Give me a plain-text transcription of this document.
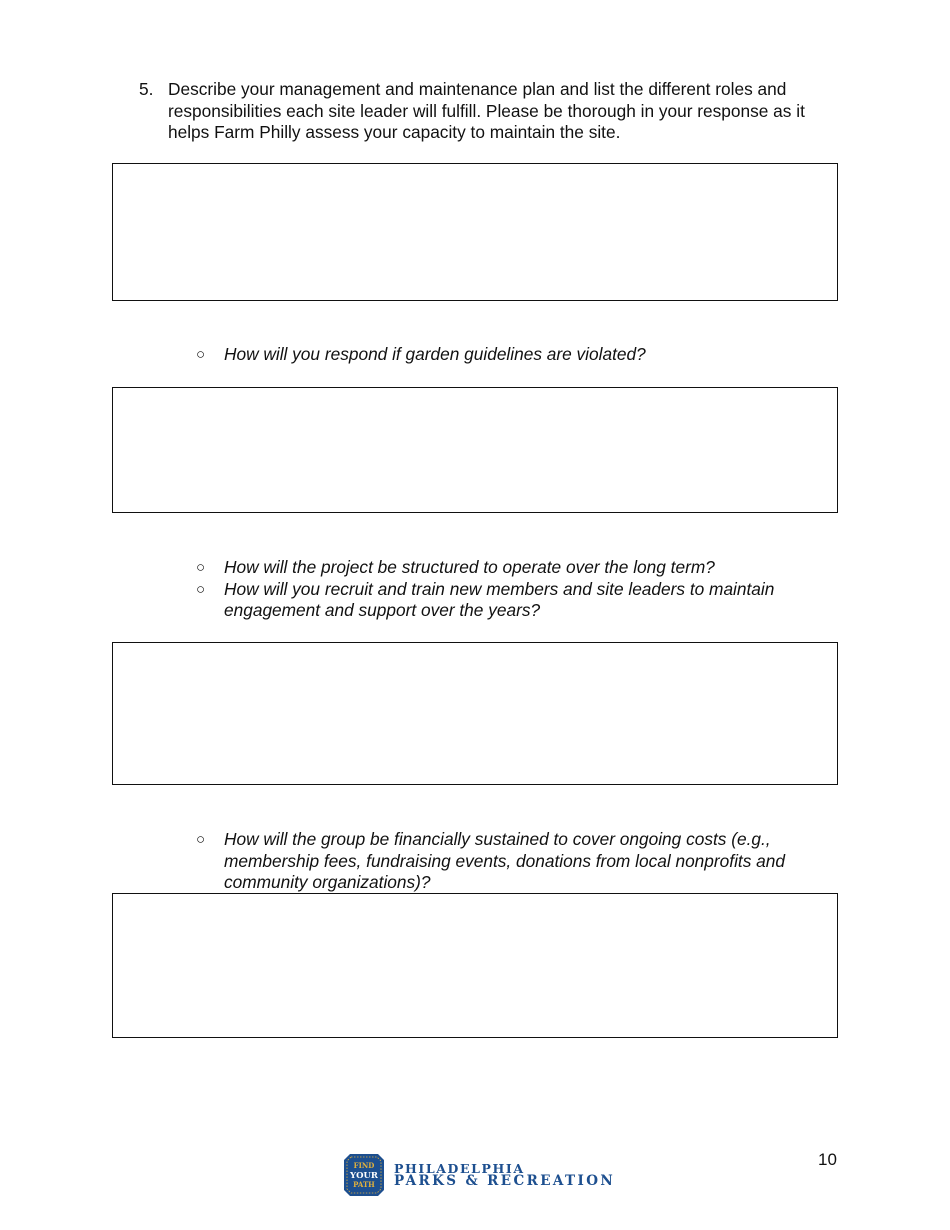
5. Describe your management and maintenance plan and list the different roles and responsibilities each site leader will fulfill. Please be thorough in your response as it helps Farm Philly assess your capacity to maintain the site.
○ How will you respond if garden guidelines are violated?
○ How will the project be structured to operate over the long term?
○ How will you recruit and train new members and site leaders to maintain engagement and support over the years?
○ How will the group be financially sustained to cover ongoing costs (e.g., membership fees, fundraising events, donations from local nonprofits and community organizations)?
10
FIND
YOUR
PATH
PHILADELPHIA
PARKS & RECREATION
